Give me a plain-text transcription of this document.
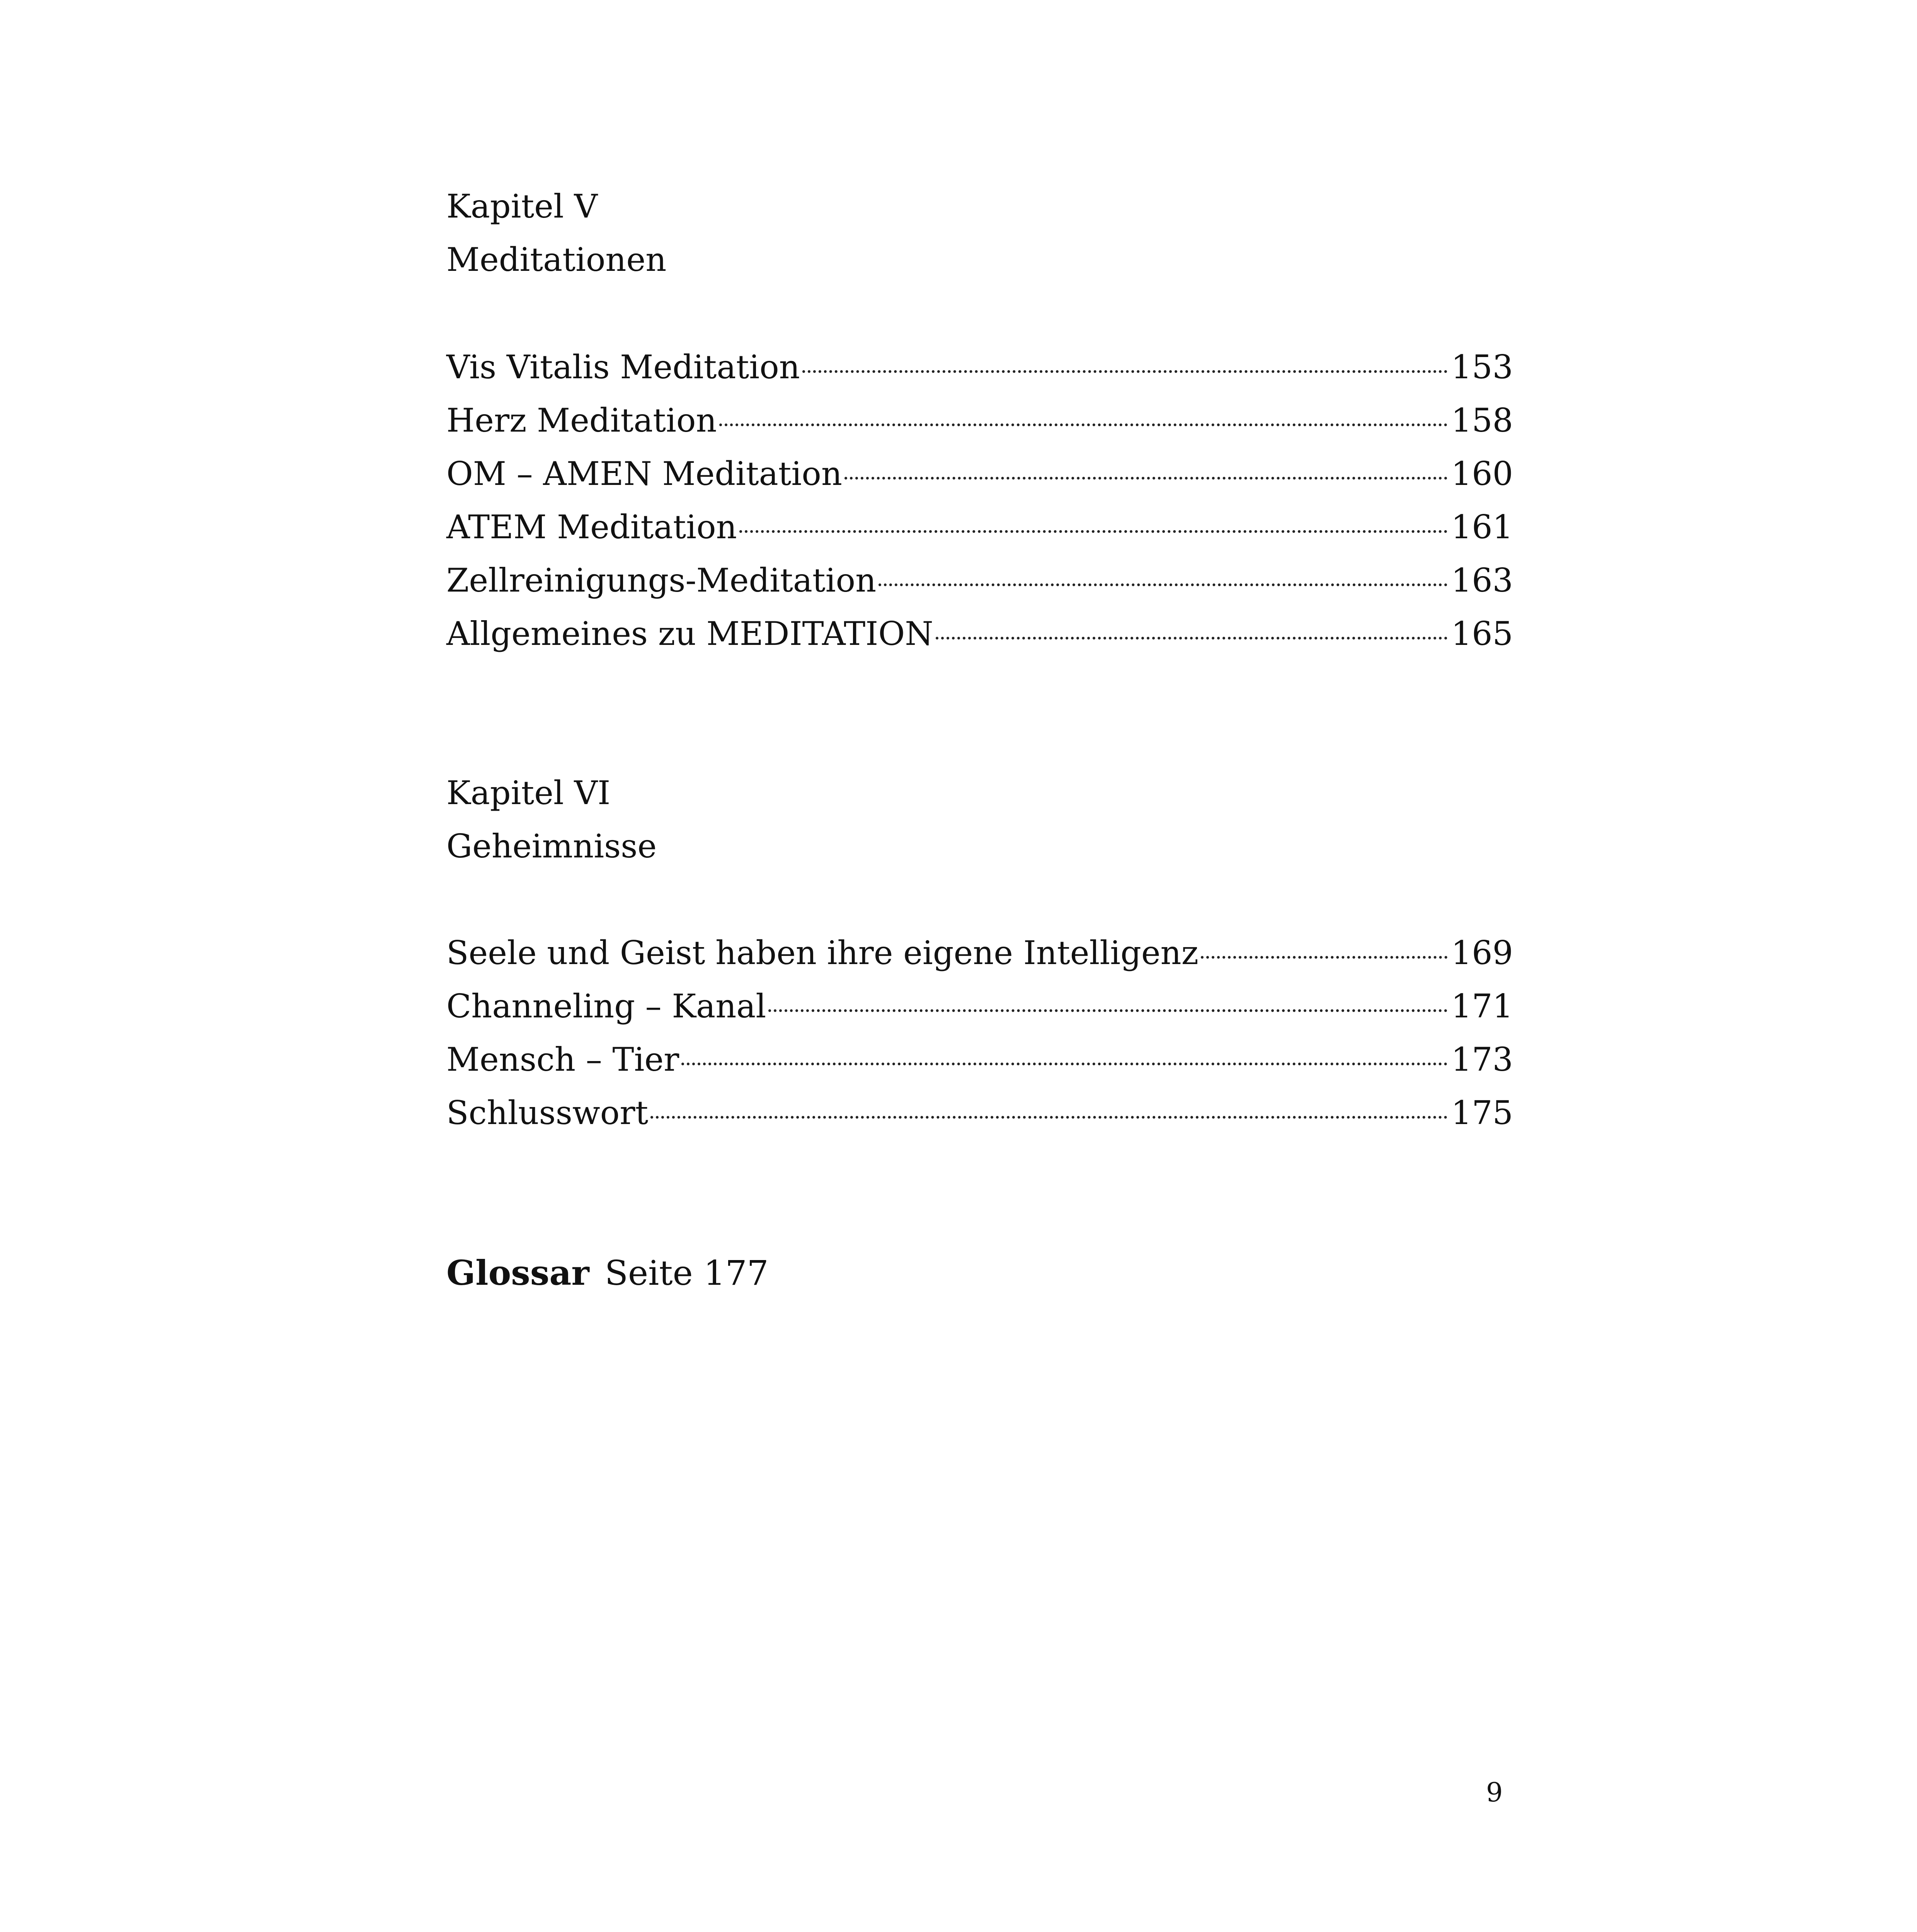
Kapitel V
Meditationen
Vis Vitalis Meditation	153
Herz Meditation	158
OM – AMEN Meditation	160
ATEM Meditation	161
Zellreinigungs-Meditation	163
Allgemeines zu MEDITATION	165
Kapitel VI
Geheimnisse
Seele und Geist haben ihre eigene Intelligenz	169
Channeling – Kanal	171
Mensch – Tier	173
Schlusswort	175
Glossar Seite 177
9
